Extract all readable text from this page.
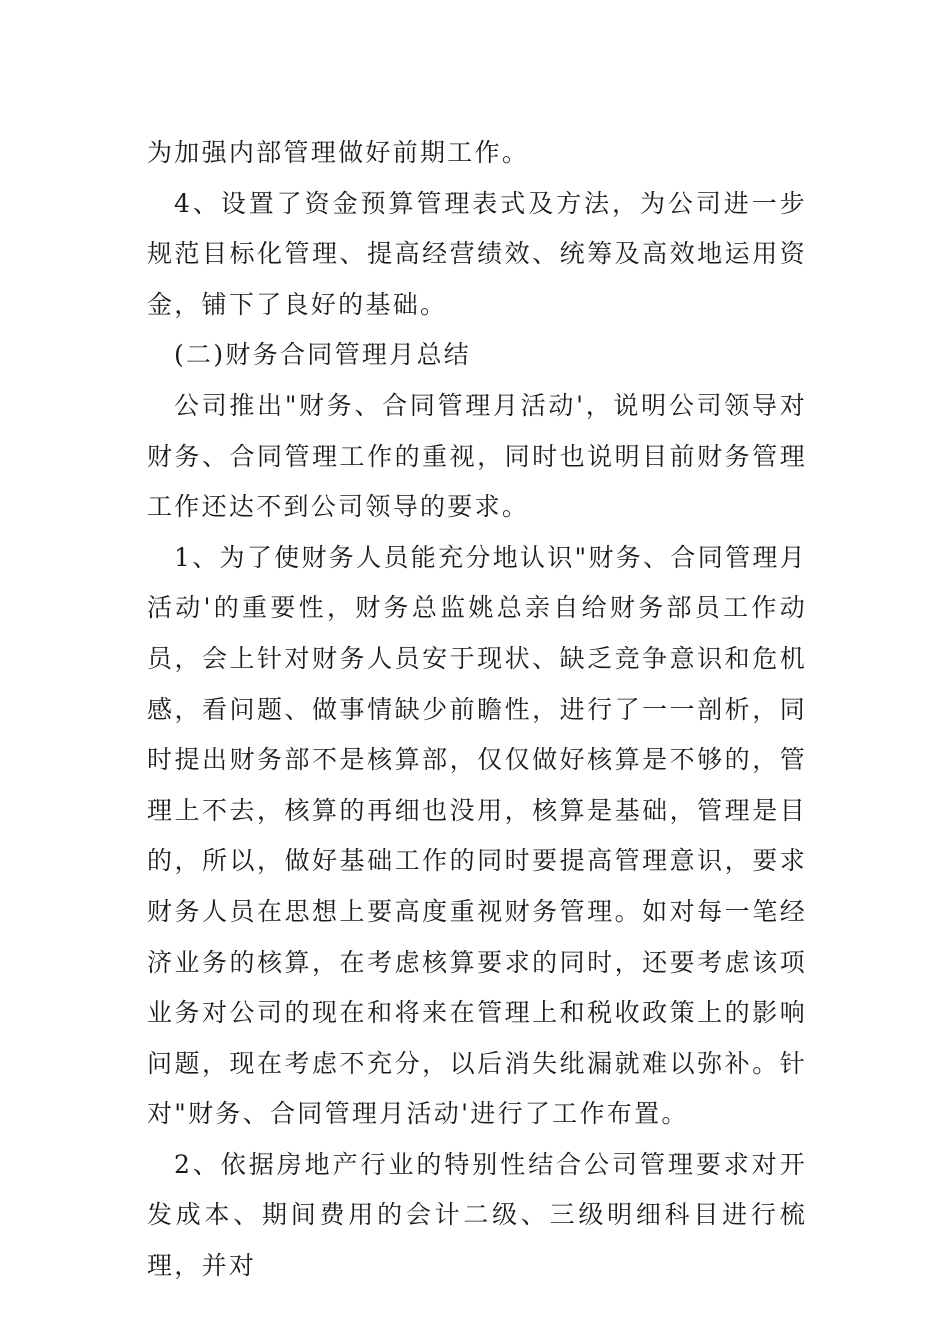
为加强内部管理做好前期工作。

4、设置了资金预算管理表式及方法，为公司进一步规范目标化管理、提高经营绩效、统筹及高效地运用资金，铺下了良好的基础。

(二)财务合同管理月总结

公司推出"财务、合同管理月活动'，说明公司领导对财务、合同管理工作的重视，同时也说明目前财务管理工作还达不到公司领导的要求。

1、为了使财务人员能充分地认识"财务、合同管理月活动'的重要性，财务总监姚总亲自给财务部员工作动员，会上针对财务人员安于现状、缺乏竞争意识和危机感，看问题、做事情缺少前瞻性，进行了一一剖析，同时提出财务部不是核算部，仅仅做好核算是不够的，管理上不去，核算的再细也没用，核算是基础，管理是目的，所以，做好基础工作的同时要提高管理意识，要求财务人员在思想上要高度重视财务管理。如对每一笔经济业务的核算，在考虑核算要求的同时，还要考虑该项业务对公司的现在和将来在管理上和税收政策上的影响问题，现在考虑不充分，以后消失纰漏就难以弥补。针对"财务、合同管理月活动'进行了工作布置。

2、依据房地产行业的特别性结合公司管理要求对开发成本、期间费用的会计二级、三级明细科目进行梳理，并对
